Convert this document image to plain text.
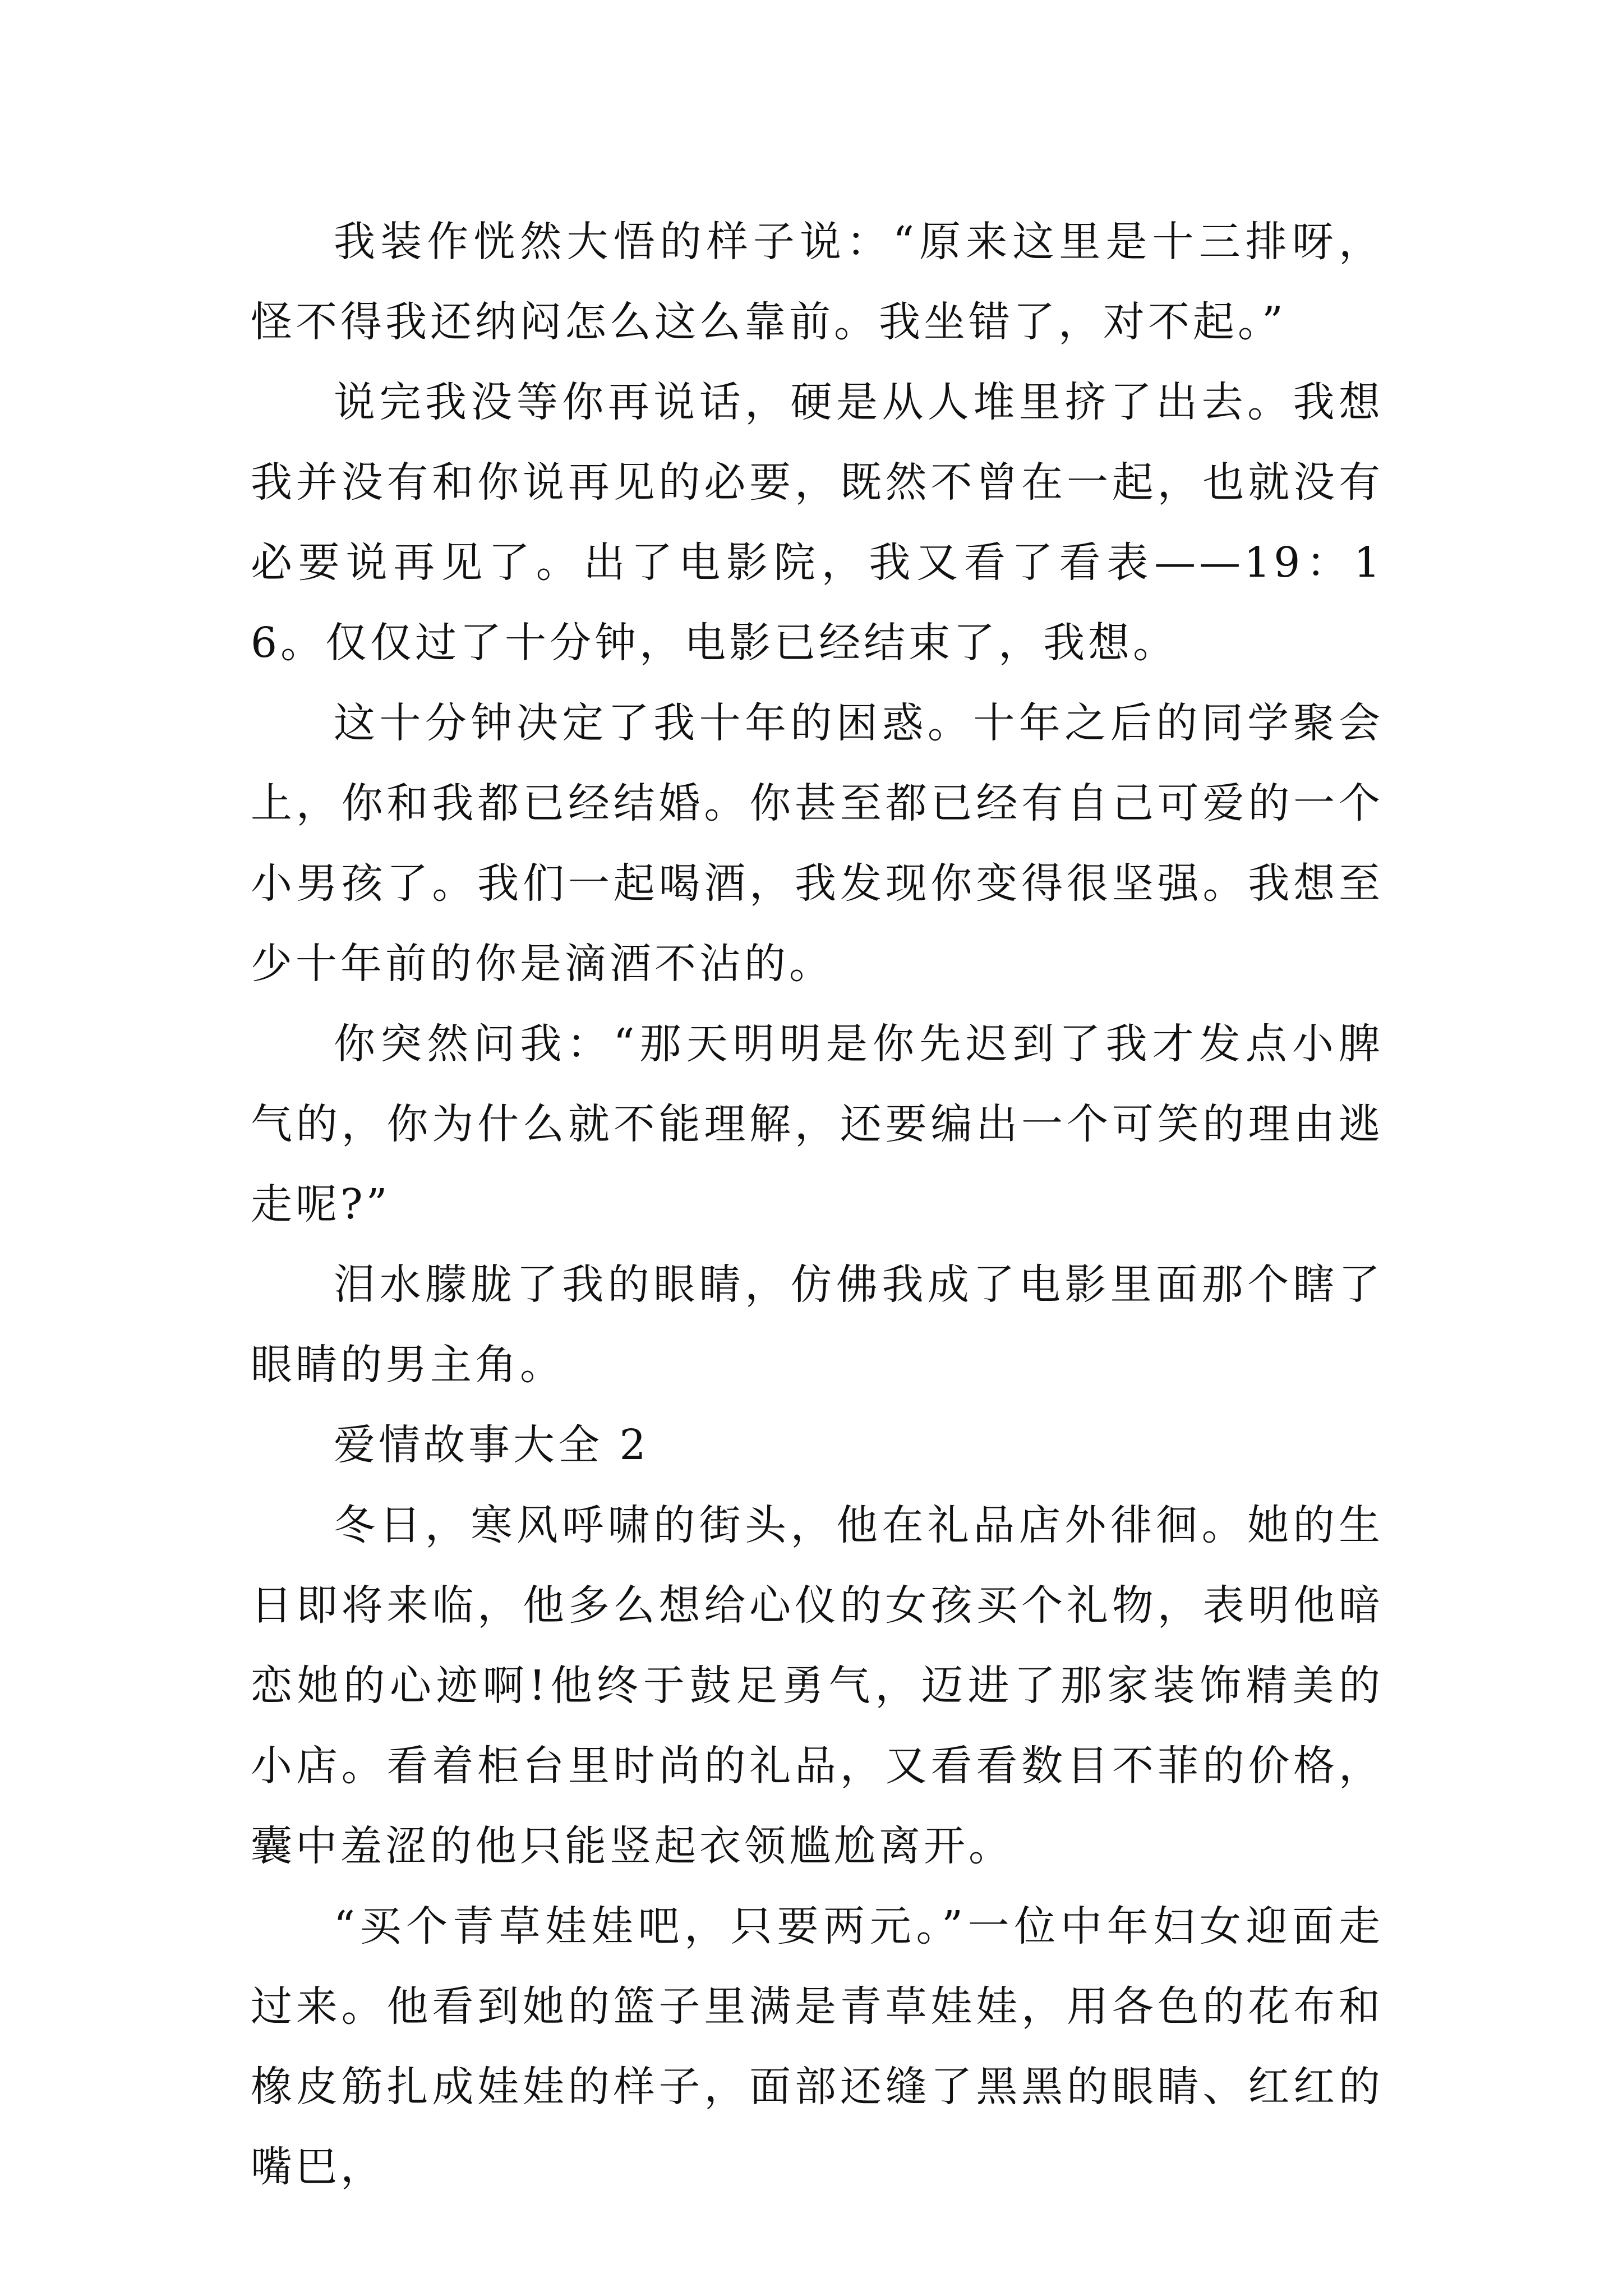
我装作恍然大悟的样子说：“原来这里是十三排呀，怪不得我还纳闷怎么这么靠前。我坐错了，对不起。”

说完我没等你再说话，硬是从人堆里挤了出去。我想我并没有和你说再见的必要，既然不曾在一起，也就没有必要说再见了。出了电影院，我又看了看表——19：16。仅仅过了十分钟，电影已经结束了，我想。

这十分钟决定了我十年的困惑。十年之后的同学聚会上，你和我都已经结婚。你甚至都已经有自己可爱的一个小男孩了。我们一起喝酒，我发现你变得很坚强。我想至少十年前的你是滴酒不沾的。

你突然问我：“那天明明是你先迟到了我才发点小脾气的，你为什么就不能理解，还要编出一个可笑的理由逃走呢?”

泪水朦胧了我的眼睛，仿佛我成了电影里面那个瞎了眼睛的男主角。

爱情故事大全 2

冬日，寒风呼啸的街头，他在礼品店外徘徊。她的生日即将来临，他多么想给心仪的女孩买个礼物，表明他暗恋她的心迹啊!他终于鼓足勇气，迈进了那家装饰精美的小店。看着柜台里时尚的礼品，又看看数目不菲的价格，囊中羞涩的他只能竖起衣领尴尬离开。

“买个青草娃娃吧，只要两元。”一位中年妇女迎面走过来。他看到她的篮子里满是青草娃娃，用各色的花布和橡皮筋扎成娃娃的样子，面部还缝了黑黑的眼睛、红红的嘴巴，
